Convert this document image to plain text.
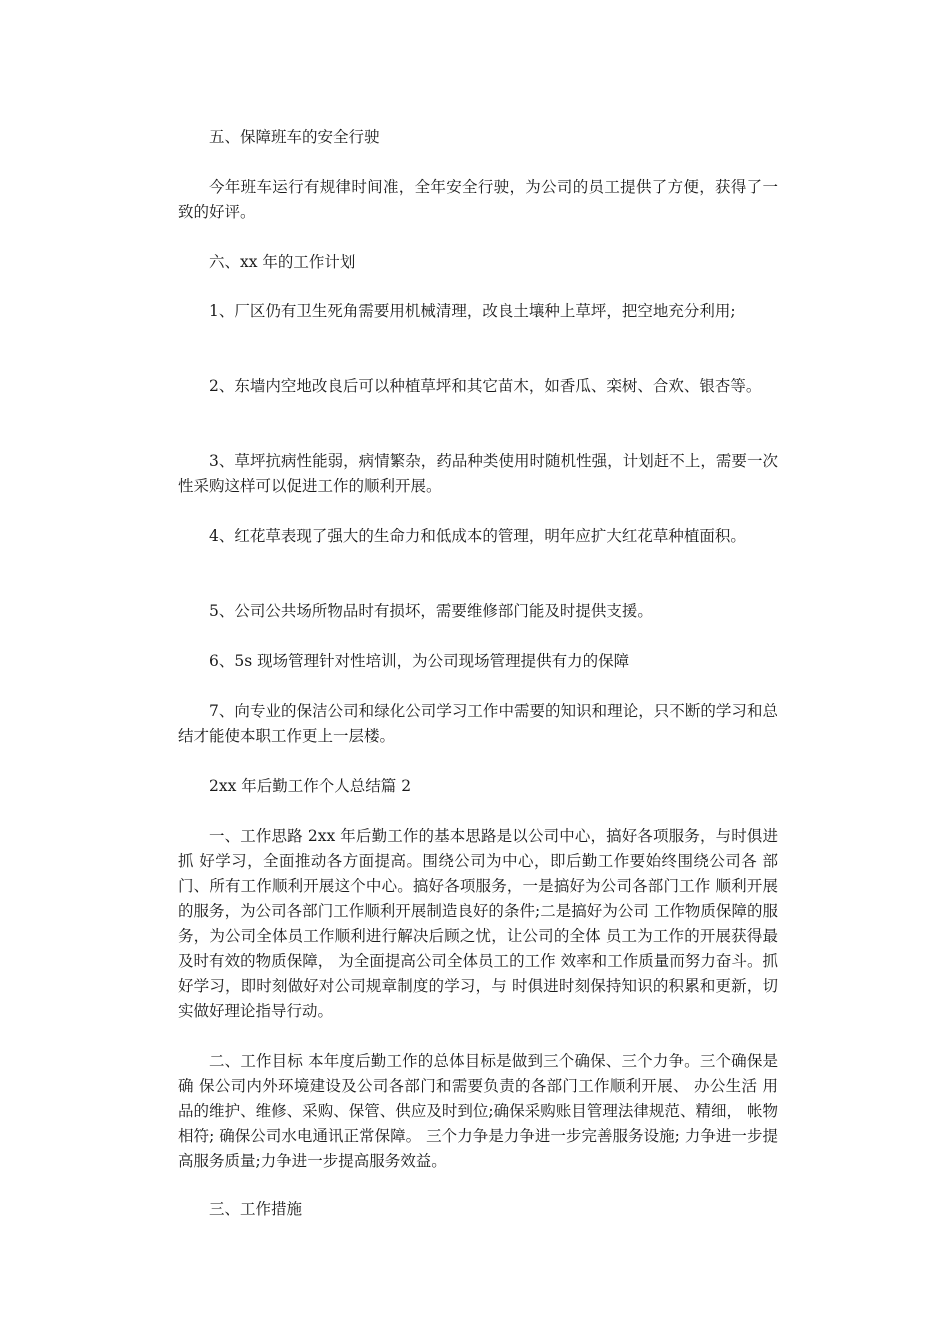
五、保障班车的安全行驶

今年班车运行有规律时间准，全年安全行驶，为公司的员工提供了方便，获得了一致的好评。

六、xx 年的工作计划

1、厂区仍有卫生死角需要用机械清理，改良土壤种上草坪，把空地充分利用;

2、东墙内空地改良后可以种植草坪和其它苗木，如香瓜、栾树、合欢、银杏等。

3、草坪抗病性能弱，病情繁杂，药品种类使用时随机性强，计划赶不上，需要一次性采购这样可以促进工作的顺利开展。

4、红花草表现了强大的生命力和低成本的管理，明年应扩大红花草种植面积。

5、公司公共场所物品时有损坏，需要维修部门能及时提供支援。

6、5s 现场管理针对性培训，为公司现场管理提供有力的保障

7、向专业的保洁公司和绿化公司学习工作中需要的知识和理论，只不断的学习和总结才能使本职工作更上一层楼。

2xx 年后勤工作个人总结篇 2

一、工作思路 2xx 年后勤工作的基本思路是以公司中心，搞好各项服务，与时俱进抓 好学习，全面推动各方面提高。围绕公司为中心，即后勤工作要始终围绕公司各 部门、所有工作顺利开展这个中心。搞好各项服务，一是搞好为公司各部门工作 顺利开展的服务，为公司各部门工作顺利开展制造良好的条件;二是搞好为公司 工作物质保障的服务，为公司全体员工作顺利进行解决后顾之忧，让公司的全体 员工为工作的开展获得最及时有效的物质保障， 为全面提高公司全体员工的工作 效率和工作质量而努力奋斗。抓好学习，即时刻做好对公司规章制度的学习，与 时俱进时刻保持知识的积累和更新，切实做好理论指导行动。

二、工作目标 本年度后勤工作的总体目标是做到三个确保、三个力争。三个确保是确 保公司内外环境建设及公司各部门和需要负责的各部门工作顺利开展、 办公生活 用品的维护、维修、采购、保管、供应及时到位;确保采购账目管理法律规范、精细， 帐物相符; 确保公司水电通讯正常保障。 三个力争是力争进一步完善服务设施; 力争进一步提高服务质量;力争进一步提高服务效益。

三、工作措施
